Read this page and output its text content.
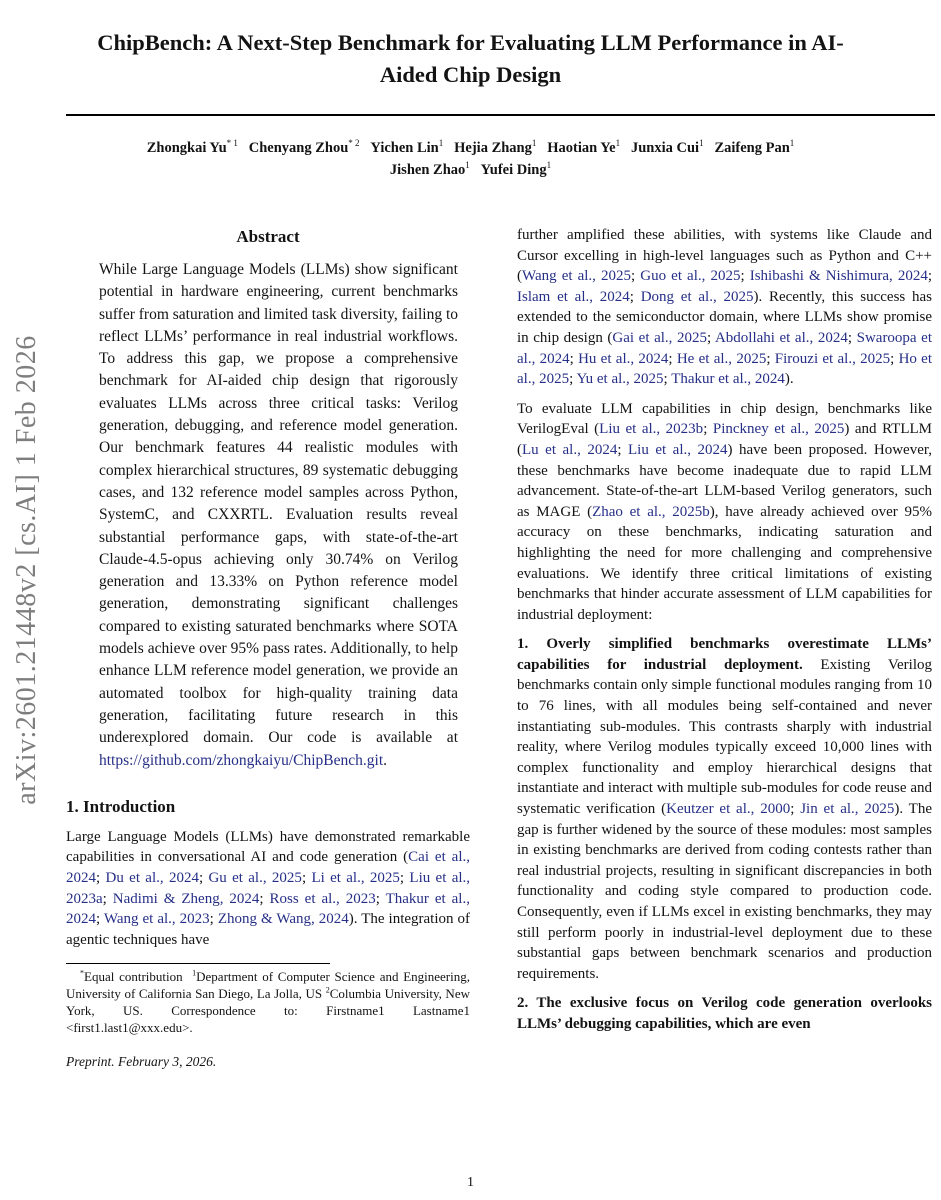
arXiv:2601.21448v2 [cs.AI] 1 Feb 2026
ChipBench: A Next-Step Benchmark for Evaluating LLM Performance in AI-Aided Chip Design
Zhongkai Yu$^{* 1}$ Chenyang Zhou$^{* 2}$ Yichen Lin$^1$ Hejia Zhang$^1$ Haotian Ye$^1$ Junxia Cui$^1$ Zaifeng Pan$^1$
Jishen Zhao$^1$ Yufei Ding$^1$
Abstract
While Large Language Models (LLMs) show significant potential in hardware engineering, current benchmarks suffer from saturation and limited task diversity, failing to reflect LLMs’ performance in real industrial workflows. To address this gap, we propose a comprehensive benchmark for AI-aided chip design that rigorously evaluates LLMs across three critical tasks: Verilog generation, debugging, and reference model generation. Our benchmark features 44 realistic modules with complex hierarchical structures, 89 systematic debugging cases, and 132 reference model samples across Python, SystemC, and CXXRTL. Evaluation results reveal substantial performance gaps, with state-of-the-art Claude-4.5-opus achieving only 30.74% on Verilog generation and 13.33% on Python reference model generation, demonstrating significant challenges compared to existing saturated benchmarks where SOTA models achieve over 95% pass rates. Additionally, to help enhance LLM reference model generation, we provide an automated toolbox for high-quality training data generation, facilitating future research in this underexplored domain. Our code is available at https://github.com/zhongkaiyu/ChipBench.git.
1. Introduction
Large Language Models (LLMs) have demonstrated remarkable capabilities in conversational AI and code generation (Cai et al., 2024; Du et al., 2024; Gu et al., 2025; Li et al., 2025; Liu et al., 2023a; Nadimi & Zheng, 2024; Ross et al., 2023; Thakur et al., 2024; Wang et al., 2023; Zhong & Wang, 2024). The integration of agentic techniques have
*Equal contribution  $^1$Department of Computer Science and Engineering, University of California San Diego, La Jolla, US $^2$Columbia University, New York, US. Correspondence to: Firstname1 Lastname1 <first1.last1@xxx.edu>.
Preprint. February 3, 2026.
further amplified these abilities, with systems like Claude and Cursor excelling in high-level languages such as Python and C++ (Wang et al., 2025; Guo et al., 2025; Ishibashi & Nishimura, 2024; Islam et al., 2024; Dong et al., 2025). Recently, this success has extended to the semiconductor domain, where LLMs show promise in chip design (Gai et al., 2025; Abdollahi et al., 2024; Swaroopa et al., 2024; Hu et al., 2024; He et al., 2025; Firouzi et al., 2025; Ho et al., 2025; Yu et al., 2025; Thakur et al., 2024).
To evaluate LLM capabilities in chip design, benchmarks like VerilogEval (Liu et al., 2023b; Pinckney et al., 2025) and RTLLM (Lu et al., 2024; Liu et al., 2024) have been proposed. However, these benchmarks have become inadequate due to rapid LLM advancement. State-of-the-art LLM-based Verilog generators, such as MAGE (Zhao et al., 2025b), have already achieved over 95% accuracy on these benchmarks, indicating saturation and highlighting the need for more challenging and comprehensive evaluations. We identify three critical limitations of existing benchmarks that hinder accurate assessment of LLM capabilities for industrial deployment:
1. Overly simplified benchmarks overestimate LLMs’ capabilities for industrial deployment. Existing Verilog benchmarks contain only simple functional modules ranging from 10 to 76 lines, with all modules being self-contained and never instantiating sub-modules. This contrasts sharply with industrial reality, where Verilog modules typically exceed 10,000 lines with complex functionality and employ hierarchical designs that instantiate and interact with multiple sub-modules for code reuse and systematic verification (Keutzer et al., 2000; Jin et al., 2025). The gap is further widened by the source of these modules: most samples in existing benchmarks are derived from coding contests rather than real industrial projects, resulting in significant discrepancies in both functionality and coding style compared to production code. Consequently, even if LLMs excel in existing benchmarks, they may still perform poorly in industrial-level deployment due to these substantial gaps between benchmark scenarios and production requirements.
2. The exclusive focus on Verilog code generation overlooks LLMs’ debugging capabilities, which are even
1
